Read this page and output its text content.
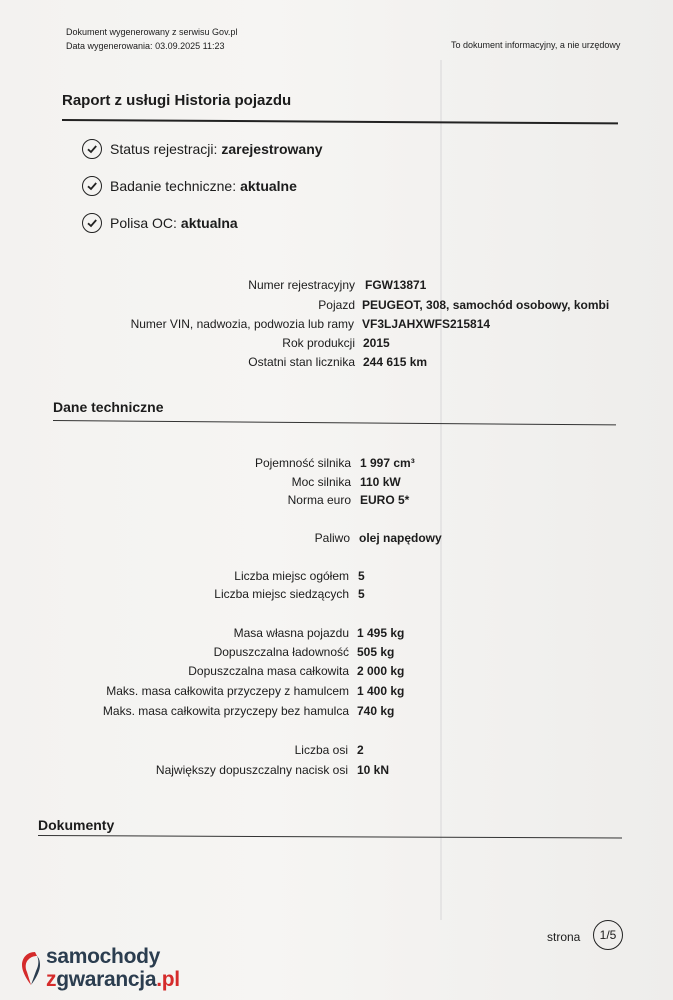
Dokument wygenerowany z serwisu Gov.pl
Data wygenerowania: 03.09.2025 11:23	To dokument informacyjny, a nie urzędowy
Raport z usługi Historia pojazdu
Status rejestracji: zarejestrowany
Badanie techniczne: aktualne
Polisa OC: aktualna
Numer rejestracyjny FGW13871
Pojazd PEUGEOT, 308, samochód osobowy, kombi
Numer VIN, nadwozia, podwozia lub ramy VF3LJAHXWFS215814
Rok produkcji 2015
Ostatni stan licznika 244 615 km
Dane techniczne
Pojemność silnika 1 997 cm³
Moc silnika 110 kW
Norma euro EURO 5*
Paliwo olej napędowy
Liczba miejsc ogółem 5
Liczba miejsc siedzących 5
Masa własna pojazdu 1 495 kg
Dopuszczalna ładowność 505 kg
Dopuszczalna masa całkowita 2 000 kg
Maks. masa całkowita przyczepy z hamulcem 1 400 kg
Maks. masa całkowita przyczepy bez hamulca 740 kg
Liczba osi 2
Największy dopuszczalny nacisk osi 10 kN
Dokumenty
strona	1/5
samochody
zgwarancja.pl
